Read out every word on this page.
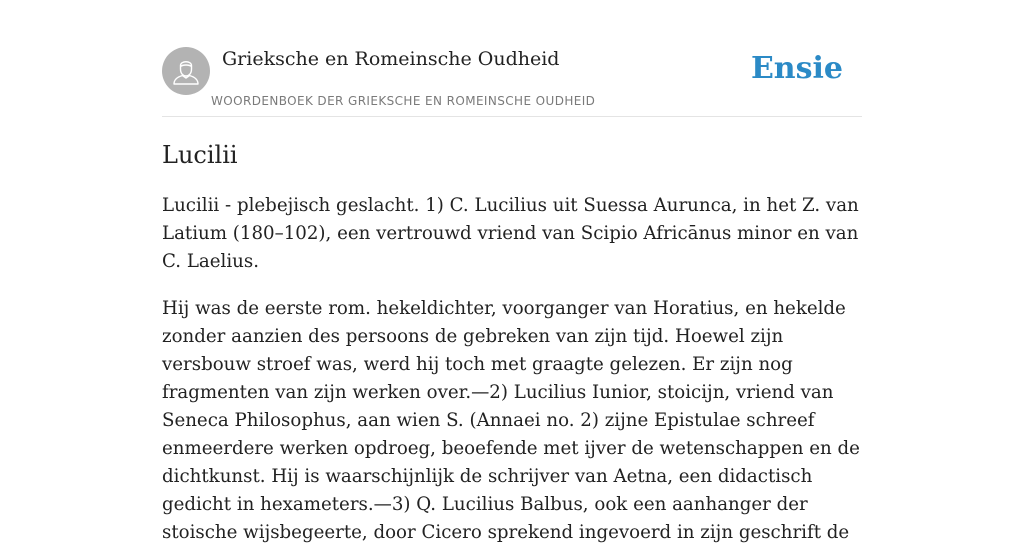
Grieksche en Romeinsche Oudheid
WOORDENBOEK DER GRIEKSCHE EN ROMEINSCHE OUDHEID
Ensie
Lucilii

Lucilii - plebejisch geslacht. 1) C. Lucilius uit Suessa Aurunca, in het Z. van Latium (180–102), een vertrouwd vriend van Scipio Africānus minor en van C. Laelius.

Hij was de eerste rom. hekeldichter, voorganger van Horatius, en hekelde zonder aanzien des persoons de gebreken van zijn tijd. Hoewel zijn versbouw stroef was, werd hij toch met graagte gelezen. Er zijn nog fragmenten van zijn werken over.—2) Lucilius Iunior, stoicijn, vriend van Seneca Philosophus, aan wien S. (Annaei no. 2) zijne Epistulae schreef enmeerdere werken opdroeg, beoefende met ijver de wetenschappen en de dichtkunst. Hij is waarschijnlijk de schrijver van Aetna, een didactisch gedicht in hexameters.—3) Q. Lucilius Balbus, ook een aanhanger der stoische wijsbegeerte, door Cicero sprekend ingevoerd in zijn geschrift de
